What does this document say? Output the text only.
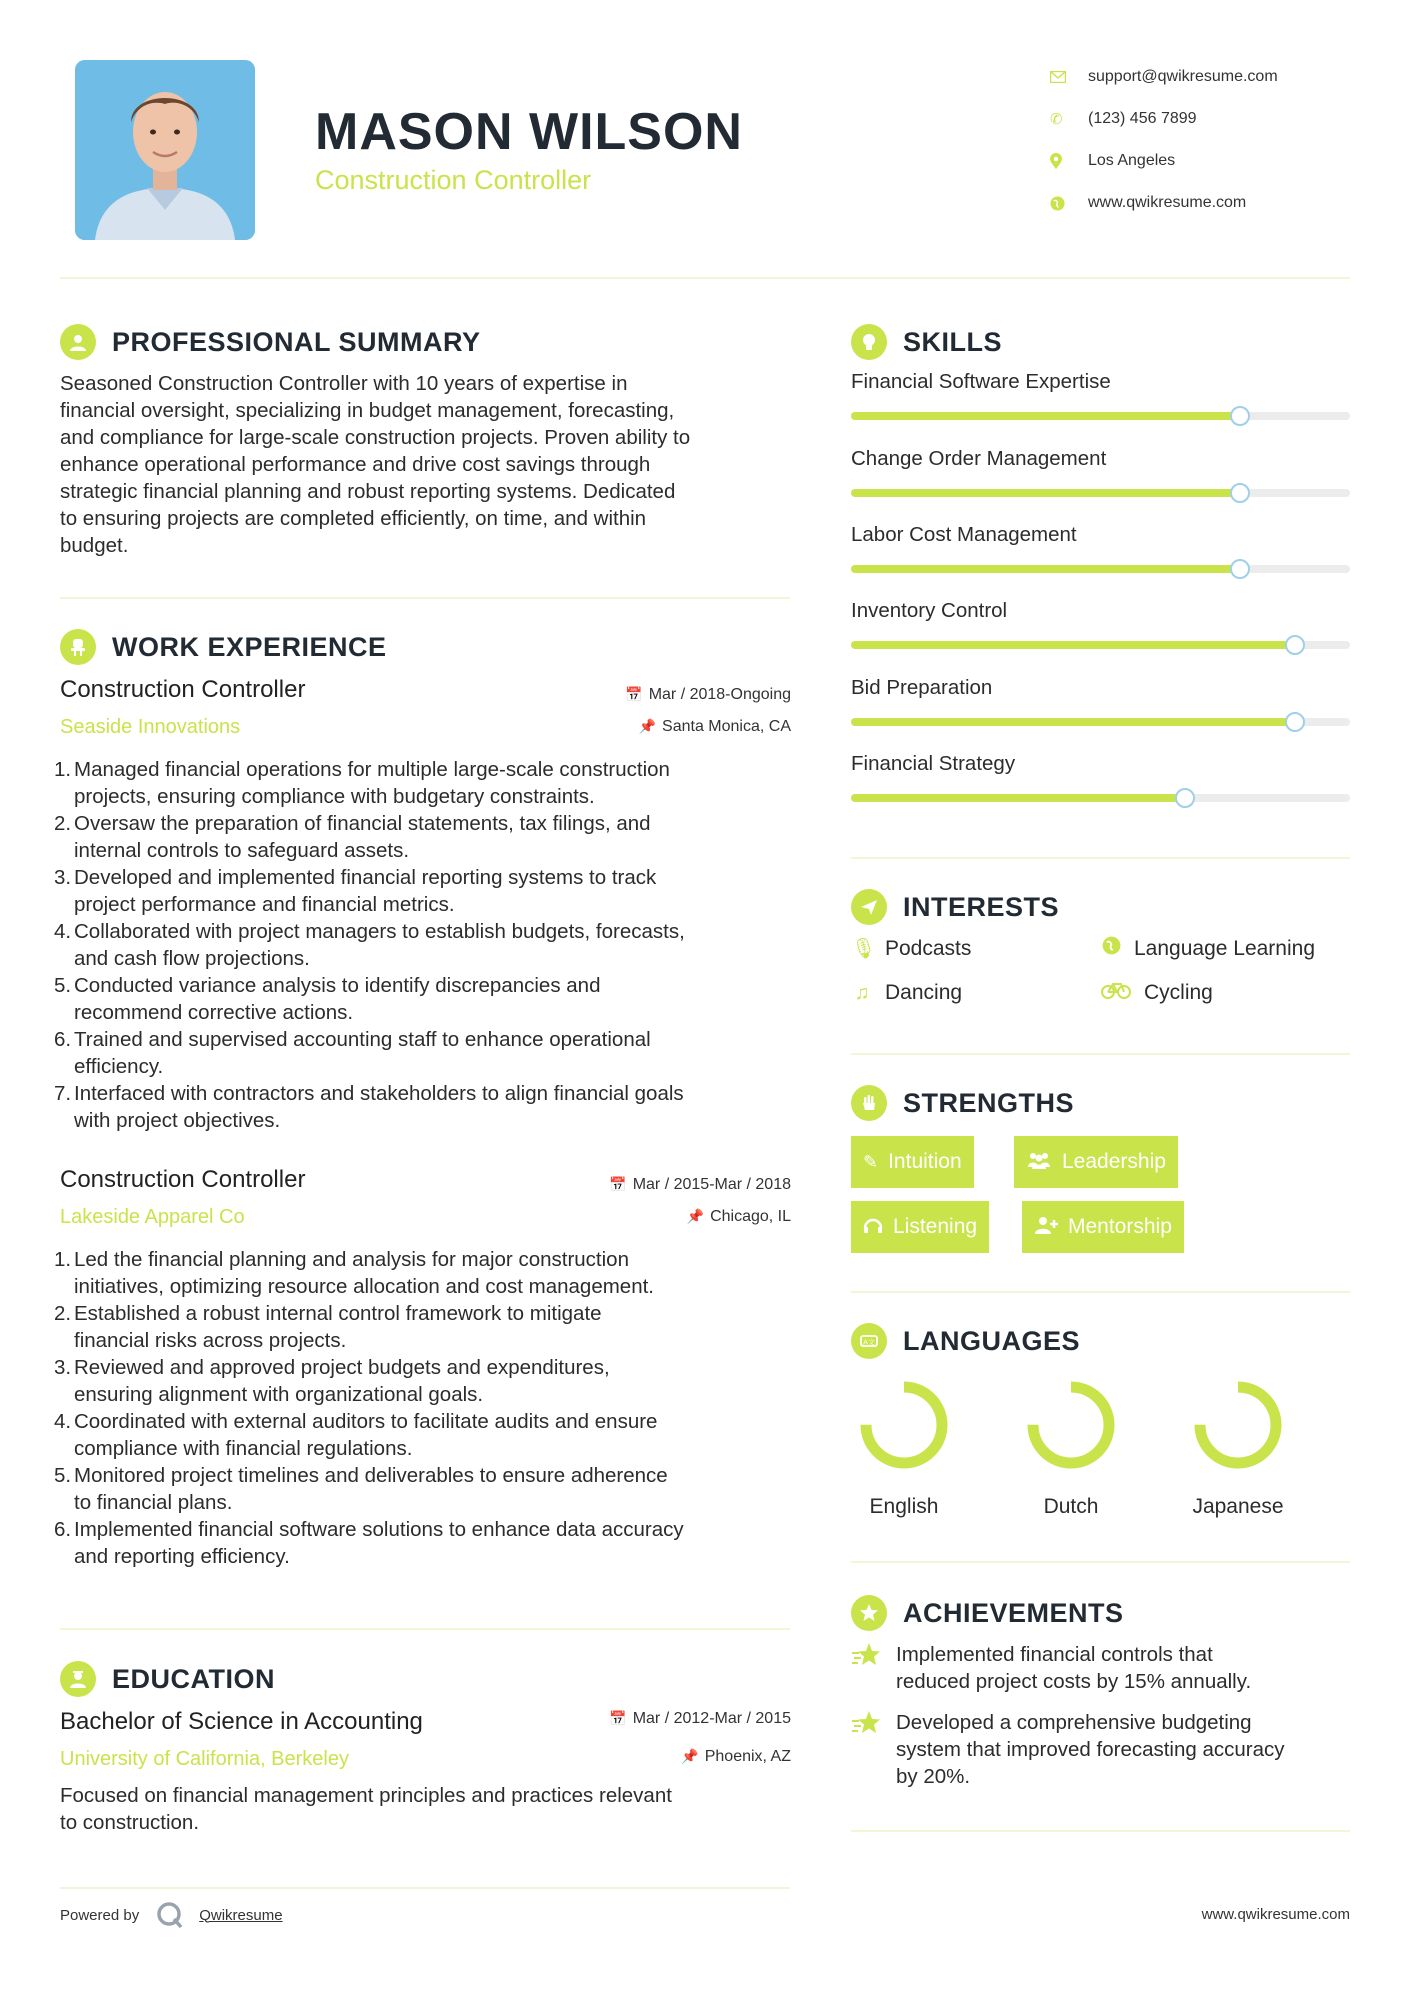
MASON WILSON
Construction Controller
support@qwikresume.com
✆	(123) 456 7899
Los Angeles
www.qwikresume.com
PROFESSIONAL SUMMARY
Seasoned Construction Controller with 10 years of expertise in
financial oversight, specializing in budget management, forecasting,
and compliance for large-scale construction projects. Proven ability to
enhance operational performance and drive cost savings through
strategic financial planning and robust reporting systems. Dedicated
to ensuring projects are completed efficiently, on time, and within
budget.
WORK EXPERIENCE
Construction Controller
Seaside Innovations
📅 Mar / 2018-Ongoing
📌 Santa Monica, CA
1. Managed financial operations for multiple large-scale construction
projects, ensuring compliance with budgetary constraints.
2. Oversaw the preparation of financial statements, tax filings, and
internal controls to safeguard assets.
3. Developed and implemented financial reporting systems to track
project performance and financial metrics.
4. Collaborated with project managers to establish budgets, forecasts,
and cash flow projections.
5. Conducted variance analysis to identify discrepancies and
recommend corrective actions.
6. Trained and supervised accounting staff to enhance operational
efficiency.
7. Interfaced with contractors and stakeholders to align financial goals
with project objectives.
Construction Controller
Lakeside Apparel Co
📅 Mar / 2015-Mar / 2018
📌 Chicago, IL
1. Led the financial planning and analysis for major construction
initiatives, optimizing resource allocation and cost management.
2. Established a robust internal control framework to mitigate
financial risks across projects.
3. Reviewed and approved project budgets and expenditures,
ensuring alignment with organizational goals.
4. Coordinated with external auditors to facilitate audits and ensure
compliance with financial regulations.
5. Monitored project timelines and deliverables to ensure adherence
to financial plans.
6. Implemented financial software solutions to enhance data accuracy
and reporting efficiency.
EDUCATION
Bachelor of Science in Accounting
University of California, Berkeley
📅 Mar / 2012-Mar / 2015
📌 Phoenix, AZ
Focused on financial management principles and practices relevant
to construction.
SKILLS
Financial Software Expertise
Change Order Management
Labor Cost Management
Inventory Control
Bid Preparation
Financial Strategy
INTERESTS
🎙︎ Podcasts	Language Learning
♫ Dancing	Cycling
STRENGTHS
✎ Intuition	Leadership
Listening	Mentorship
A文 LANGUAGES
English	Dutch	Japanese
ACHIEVEMENTS
Implemented financial controls that
reduced project costs by 15% annually.
Developed a comprehensive budgeting
system that improved forecasting accuracy
by 20%.
Powered by	Qwikresume	www.qwikresume.com
